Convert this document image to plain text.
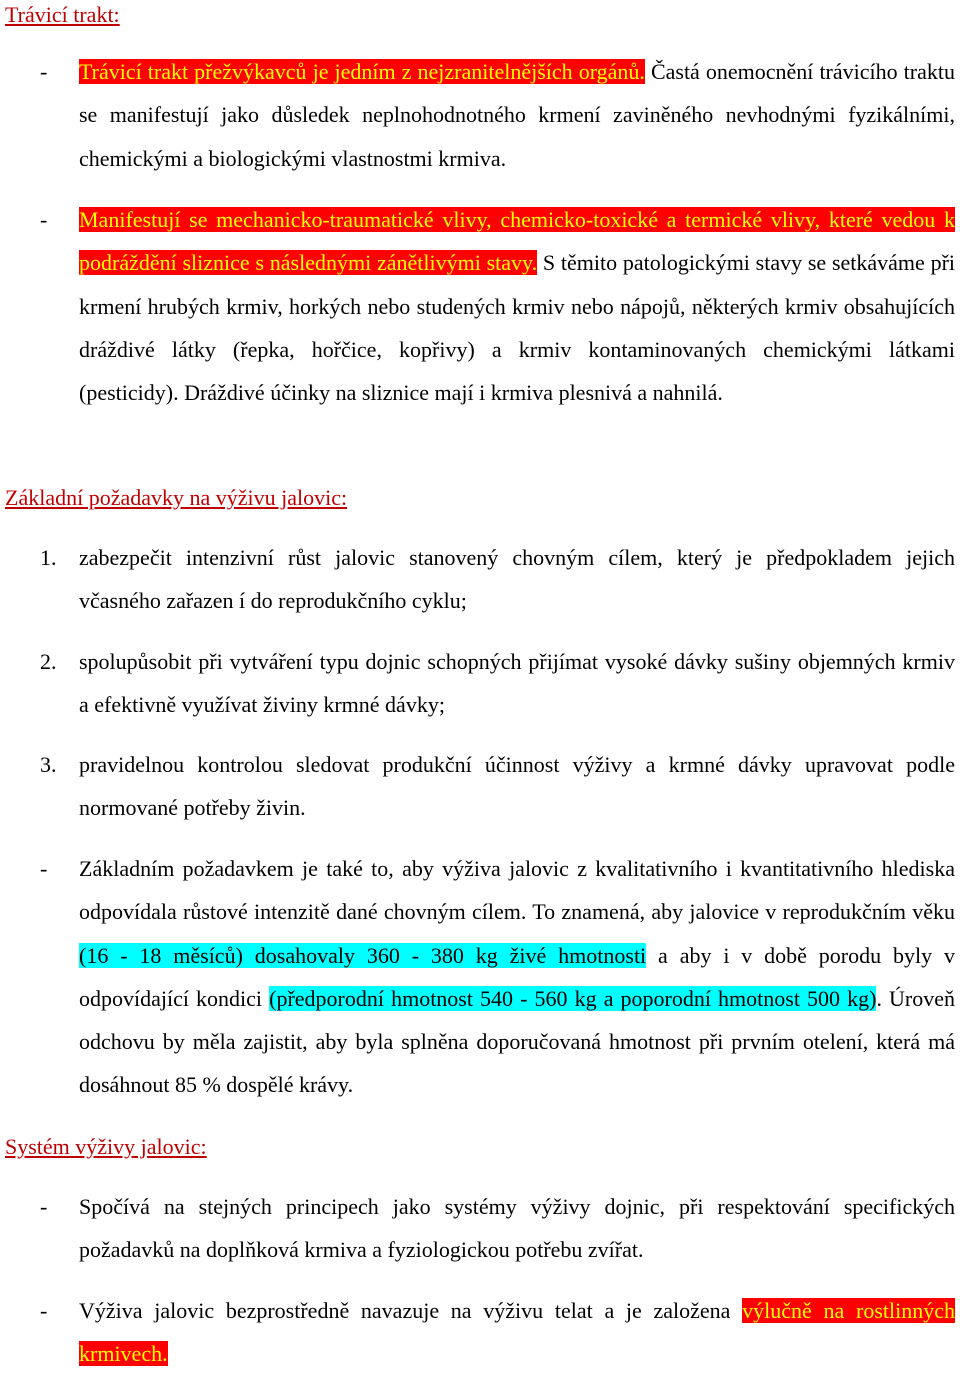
Trávicí trakt:
- Trávicí trakt přežvýkavců je jedním z nejzranitelnějších orgánů. Častá onemocnění trávicího traktu se manifestují jako důsledek neplnohodnotného krmení zaviněného nevhodnými fyzikálními, chemickými a biologickými vlastnostmi krmiva.
- Manifestují se mechanicko-traumatické vlivy, chemicko-toxické a termické vlivy, které vedou k podráždění sliznice s následnými zánětlivými stavy. S těmito patologickými stavy se setkáváme při krmení hrubých krmiv, horkých nebo studených krmiv nebo nápojů, některých krmiv obsahujících dráždivé látky (řepka, hořčice, kopřivy) a krmiv kontaminovaných chemickými látkami (pesticidy). Dráždivé účinky na sliznice mají i krmiva plesnivá a nahnilá.
Základní požadavky na výživu jalovic:
1. zabezpečit intenzivní růst jalovic stanovený chovným cílem, který je předpokladem jejich včasného zařazen í do reprodukčního cyklu;
2. spolupůsobit při vytváření typu dojnic schopných přijímat vysoké dávky sušiny objemných krmiv a efektivně využívat živiny krmné dávky;
3. pravidelnou kontrolou sledovat produkční účinnost výživy a krmné dávky upravovat podle normované potřeby živin.
- Základním požadavkem je také to, aby výživa jalovic z kvalitativního i kvantitativního hlediska odpovídala růstové intenzitě dané chovným cílem. To znamená, aby jalovice v reprodukčním věku (16 - 18 měsíců) dosahovaly 360 - 380 kg živé hmotnosti a aby i v době porodu byly v odpovídající kondici (předporodní hmotnost 540 - 560 kg a poporodní hmotnost 500 kg). Úroveň odchovu by měla zajistit, aby byla splněna doporučovaná hmotnost při prvním otelení, která má dosáhnout 85 % dospělé krávy.
Systém výživy jalovic:
- Spočívá na stejných principech jako systémy výživy dojnic, při respektování specifických požadavků na doplňková krmiva a fyziologickou potřebu zvířat.
- Výživa jalovic bezprostředně navazuje na výživu telat a je založena výlučně na rostlinných krmivech.
